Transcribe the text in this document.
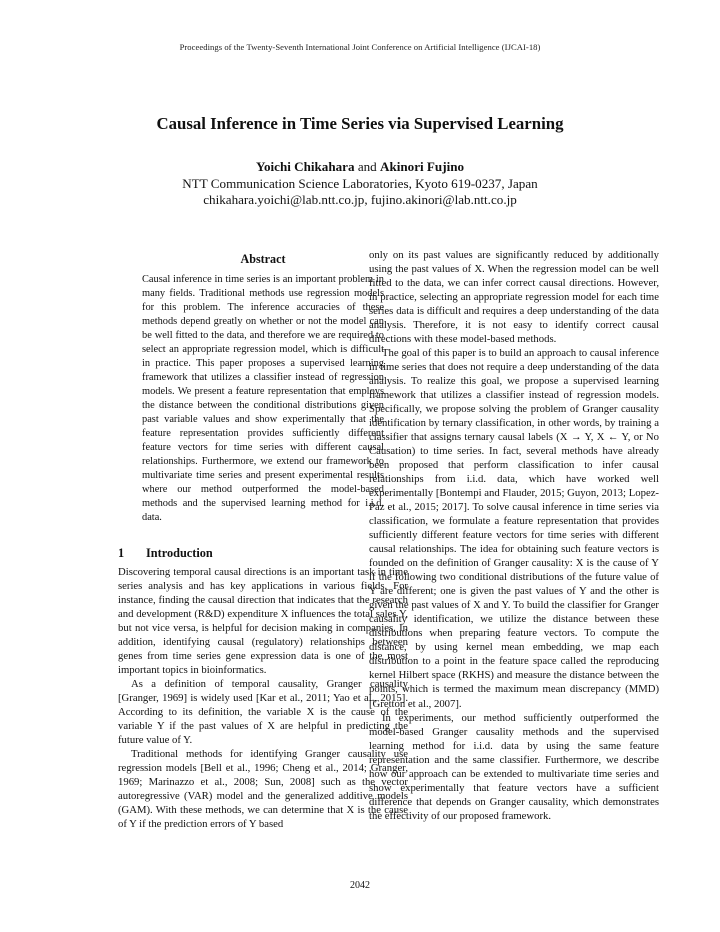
Proceedings of the Twenty-Seventh International Joint Conference on Artificial Intelligence (IJCAI-18)
Causal Inference in Time Series via Supervised Learning
Yoichi Chikahara and Akinori Fujino
NTT Communication Science Laboratories, Kyoto 619-0237, Japan
chikahara.yoichi@lab.ntt.co.jp, fujino.akinori@lab.ntt.co.jp
Abstract

Causal inference in time series is an important problem in many fields. Traditional methods use regression models for this problem. The inference accuracies of these methods depend greatly on whether or not the model can be well fitted to the data, and therefore we are required to select an appropriate regression model, which is difficult in practice. This paper proposes a supervised learning framework that utilizes a classifier instead of regression models. We present a feature representation that employs the distance between the conditional distributions given past variable values and show experimentally that the feature representation provides sufficiently different feature vectors for time series with different causal relationships. Furthermore, we extend our framework to multivariate time series and present experimental results where our method outperformed the model-based methods and the supervised learning method for i.i.d. data.

1 Introduction

Discovering temporal causal directions is an important task in time series analysis and has key applications in various fields. For instance, finding the causal direction that indicates that the research and development (R&D) expenditure X influences the total sales Y, but not vice versa, is helpful for decision making in companies. In addition, identifying causal (regulatory) relationships between genes from time series gene expression data is one of the most important topics in bioinformatics.

As a definition of temporal causality, Granger causality [Granger, 1969] is widely used [Kar et al., 2011; Yao et al., 2015]. According to its definition, the variable X is the cause of the variable Y if the past values of X are helpful in predicting the future value of Y.

Traditional methods for identifying Granger causality use regression models [Bell et al., 1996; Cheng et al., 2014; Granger, 1969; Marinazzo et al., 2008; Sun, 2008] such as the vector autoregressive (VAR) model and the generalized additive models (GAM). With these methods, we can determine that X is the cause of Y if the prediction errors of Y based

only on its past values are significantly reduced by additionally using the past values of X. When the regression model can be well fitted to the data, we can infer correct causal directions. However, in practice, selecting an appropriate regression model for each time series data is difficult and requires a deep understanding of the data analysis. Therefore, it is not easy to identify correct causal directions with these model-based methods.

The goal of this paper is to build an approach to causal inference in time series that does not require a deep understanding of the data analysis. To realize this goal, we propose a supervised learning framework that utilizes a classifier instead of regression models. Specifically, we propose solving the problem of Granger causality identification by ternary classification, in other words, by training a classifier that assigns ternary causal labels (X → Y, X ← Y, or No Causation) to time series. In fact, several methods have already been proposed that perform classification to infer causal relationships from i.i.d. data, which have worked well experimentally [Bontempi and Flauder, 2015; Guyon, 2013; Lopez-Paz et al., 2015; 2017]. To solve causal inference in time series via classification, we formulate a feature representation that provides sufficiently different feature vectors for time series with different causal relationships. The idea for obtaining such feature vectors is founded on the definition of Granger causality: X is the cause of Y if the following two conditional distributions of the future value of Y are different; one is given the past values of Y and the other is given the past values of X and Y. To build the classifier for Granger causality identification, we utilize the distance between these distributions when preparing feature vectors. To compute the distance, by using kernel mean embedding, we map each distribution to a point in the feature space called the reproducing kernel Hilbert space (RKHS) and measure the distance between the points, which is termed the maximum mean discrepancy (MMD) [Gretton et al., 2007].

In experiments, our method sufficiently outperformed the model-based Granger causality methods and the supervised learning method for i.i.d. data by using the same feature representation and the same classifier. Furthermore, we describe how our approach can be extended to multivariate time series and show experimentally that feature vectors have a sufficient difference that depends on Granger causality, which demonstrates the effectivity of our proposed framework.

2042
